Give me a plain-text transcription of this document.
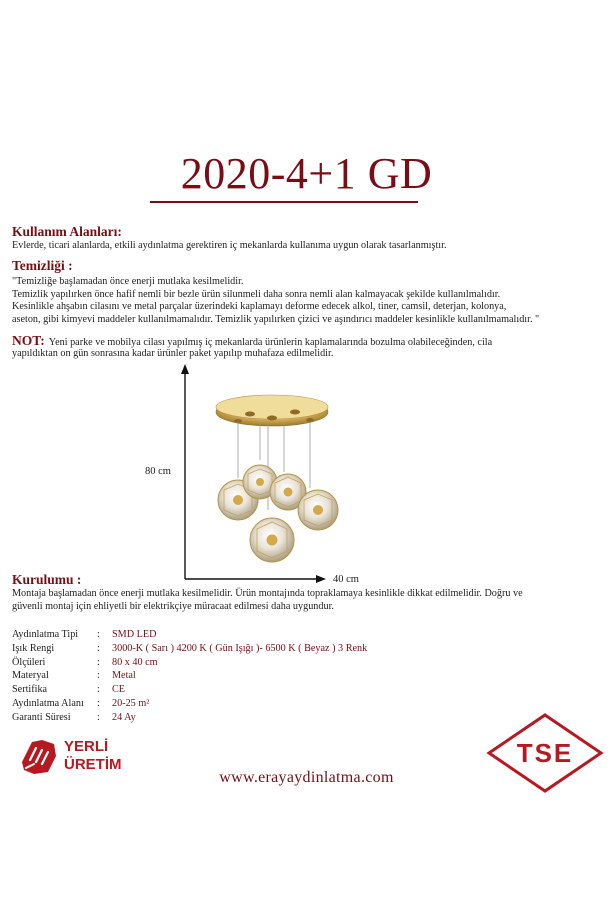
2020-4+1 GD
Kullanım Alanları:
Evlerde, ticari alanlarda, etkili aydınlatma gerektiren iç mekanlarda kullanıma uygun olarak tasarlanmıştır.
Temizliği :
"Temizliğe başlamadan önce enerji mutlaka kesilmelidir.
Temizlik yapılırken önce hafif nemli bir bezle ürün silunmeli daha sonra nemli alan kalmayacak şekilde kullanılmalıdır.
Kesinlikle ahşabın cilasını ve metal parçalar üzerindeki kaplamayı deforme edecek alkol, tiner, camsil, deterjan, kolonya,
aseton, gibi kimyevi maddeler kullanılmamalıdır. Temizlik yapılırken çizici ve aşındırıcı maddeler kesinlikle kullanılmamalıdır. "
NOT: Yeni parke ve mobilya cilası yapılmış iç mekanlarda ürünlerin kaplamalarında bozulma olabileceğinden, cila
yapıldıktan on gün sonrasına kadar ürünler paket yapılıp muhafaza edilmelidir.
80 cm
40 cm
Kurulumu :
Montaja başlamadan önce enerji mutlaka kesilmelidir. Ürün montajında topraklamaya kesinlikle dikkat edilmelidir. Doğru ve
güvenli montaj için ehliyetli bir elektrikçiye müracaat edilmesi daha uygundur.
Aydınlatma Tipi : SMD LED
Işık Rengi	: 3000-K ( Sarı ) 4200 K ( Gün Işığı )- 6500 K ( Beyaz ) 3 Renk
Ölçüleri	: 80 x 40 cm
Materyal	: Metal
Sertifika	: CE
Aydınlatma Alanı : 20-25 m²
Garanti Süresi	: 24 Ay
YERLİ
ÜRETİM	TSE
www.erayaydinlatma.com
